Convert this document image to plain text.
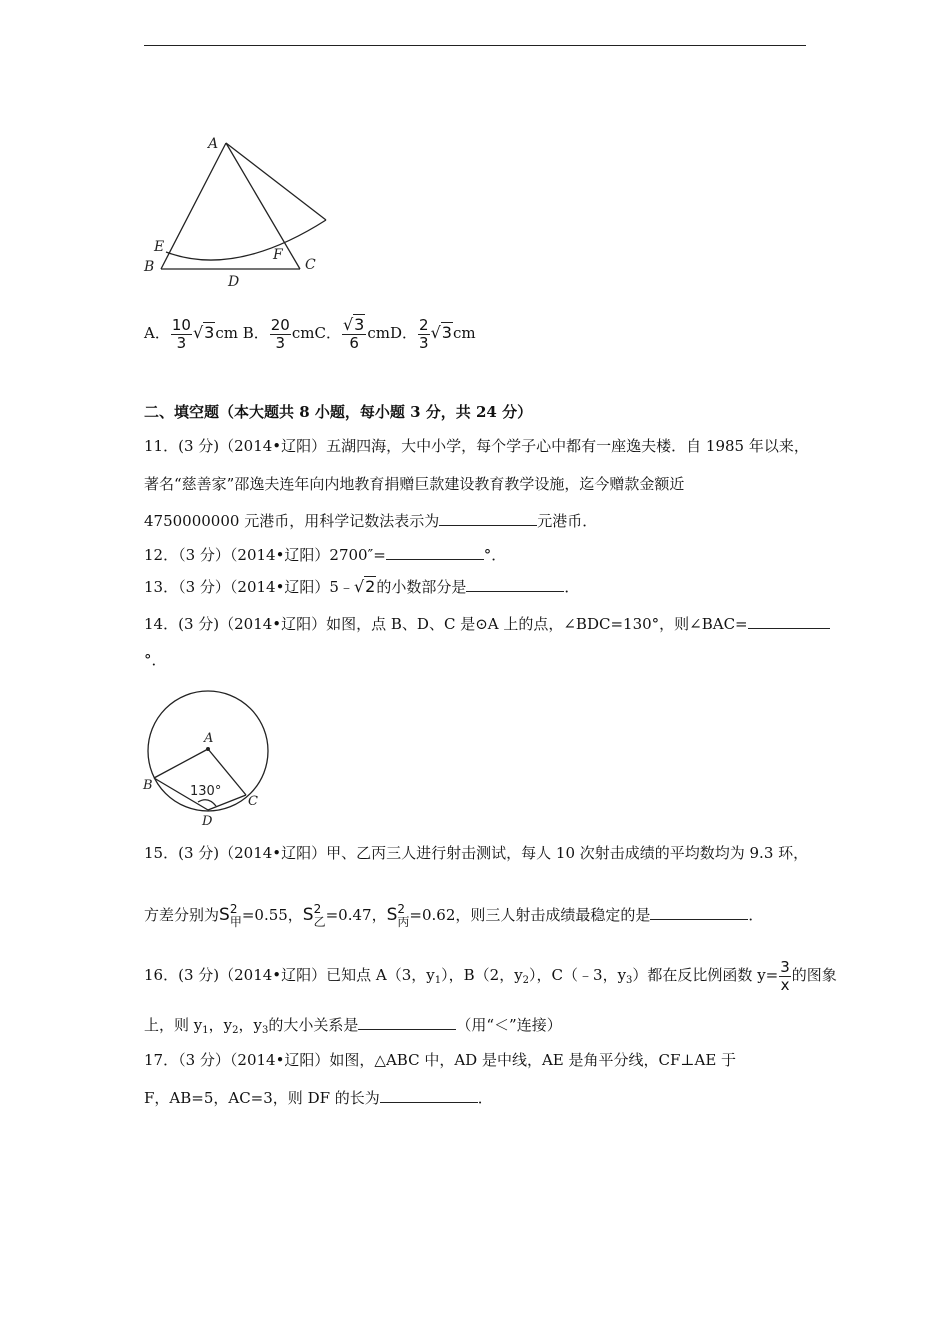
A
B	C
D
E	F
A． $\frac{10}{3} √3cm$ B． $\frac{20}{3}$ cmC． $\frac{√3}{6}$ cmD． $\frac{2}{3} √3cm$
二、填空题（本大题共 8 小题，每小题 3 分，共 24 分）
11．(3 分)（2014•辽阳）五湖四海，大中小学，每个学子心中都有一座逸夫楼．自 1985 年以来，
著名“慈善家”邵逸夫连年向内地教育捐赠巨款建设教育教学设施，迄今赠款金额近
4750000000 元港币，用科学记数法表示为	元港币．
12．（3 分）（2014•辽阳）2700″=	°．
13．（3 分）（2014•辽阳）5﹣√2的小数部分是	．
14．(3 分)（2014•辽阳）如图，点 B、D、C 是⊙A 上的点，∠BDC=130°，则∠BAC=
°．
A
B
C
D
130°
15．(3 分)（2014•辽阳）甲、乙丙三人进行射击测试，每人 10 次射击成绩的平均数均为 9.3 环，
方差分别为S 2
甲 =0.55，S 2
乙 =0.47，S 2
丙 =0.62，则三人射击成绩最稳定的是	．
16．(3 分)（2014•辽阳）已知点 A（3，$y_1$），B（2，$y_2$），C（﹣3，$y_3$）都在反比例函数 $y= \frac{3}{x}$ 的图象
上，则 $y_1$，$y_2$，$y_3$的大小关系是	（用“＜”连接）
17．（3 分）（2014•辽阳）如图，△ABC 中，AD 是中线，AE 是角平分线，CF⊥AE 于
F，AB=5，AC=3，则 DF 的长为	．
